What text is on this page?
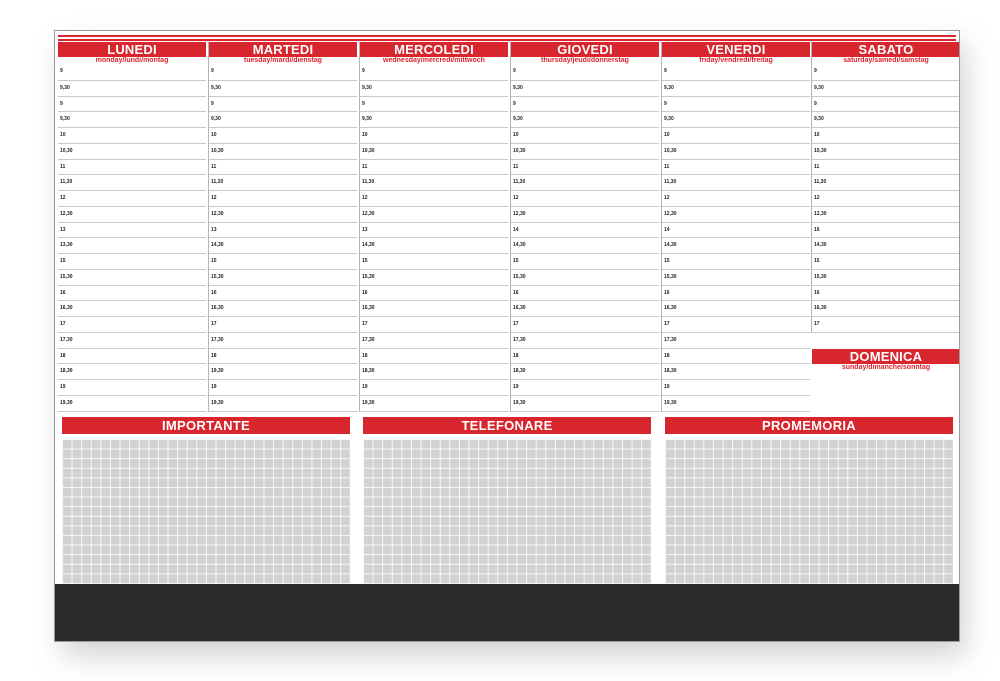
LUNEDI
monday/lundi/montag
9
9,30
9
9,30
10
10,30
11
11,30
12
12,30
13
13,30
15
15,30
16
16,30
17
17,30
18
18,30
19
19,30
MARTEDI
tuesday/mardi/dienstag
9
9,30
9
9,30
10
10,30
11
11,30
12
12,30
13
14,30
15
15,30
16
16,30
17
17,30
18
19,30
19
19,30
MERCOLEDI
wednesday/mercredi/mittwoch
9
9,30
9
9,30
10
10,30
11
11,30
12
12,30
13
14,30
15
15,30
16
16,30
17
17,30
18
18,30
19
19,30
GIOVEDI
thursday/jeudi/donnerstag
9
9,30
9
9,30
10
10,30
11
11,30
12
12,30
14
14,30
15
15,30
16
16,30
17
17,30
18
18,30
19
19,30
VENERDI
friday/vendredi/freitag
9
9,30
9
9,30
10
10,30
11
11,30
12
12,30
14
14,30
15
15,30
16
16,30
17
17,30
18
18,30
19
19,30
SABATO
saturday/samedi/samstag
9
9,30
9
9,30
10
10,30
11
11,30
12
12,30
16
14,30
15
15,30
16
16,30
17
DOMENICA
sunday/dimanche/sonntag
IMPORTANTE	TELEFONARE	PROMEMORIA
